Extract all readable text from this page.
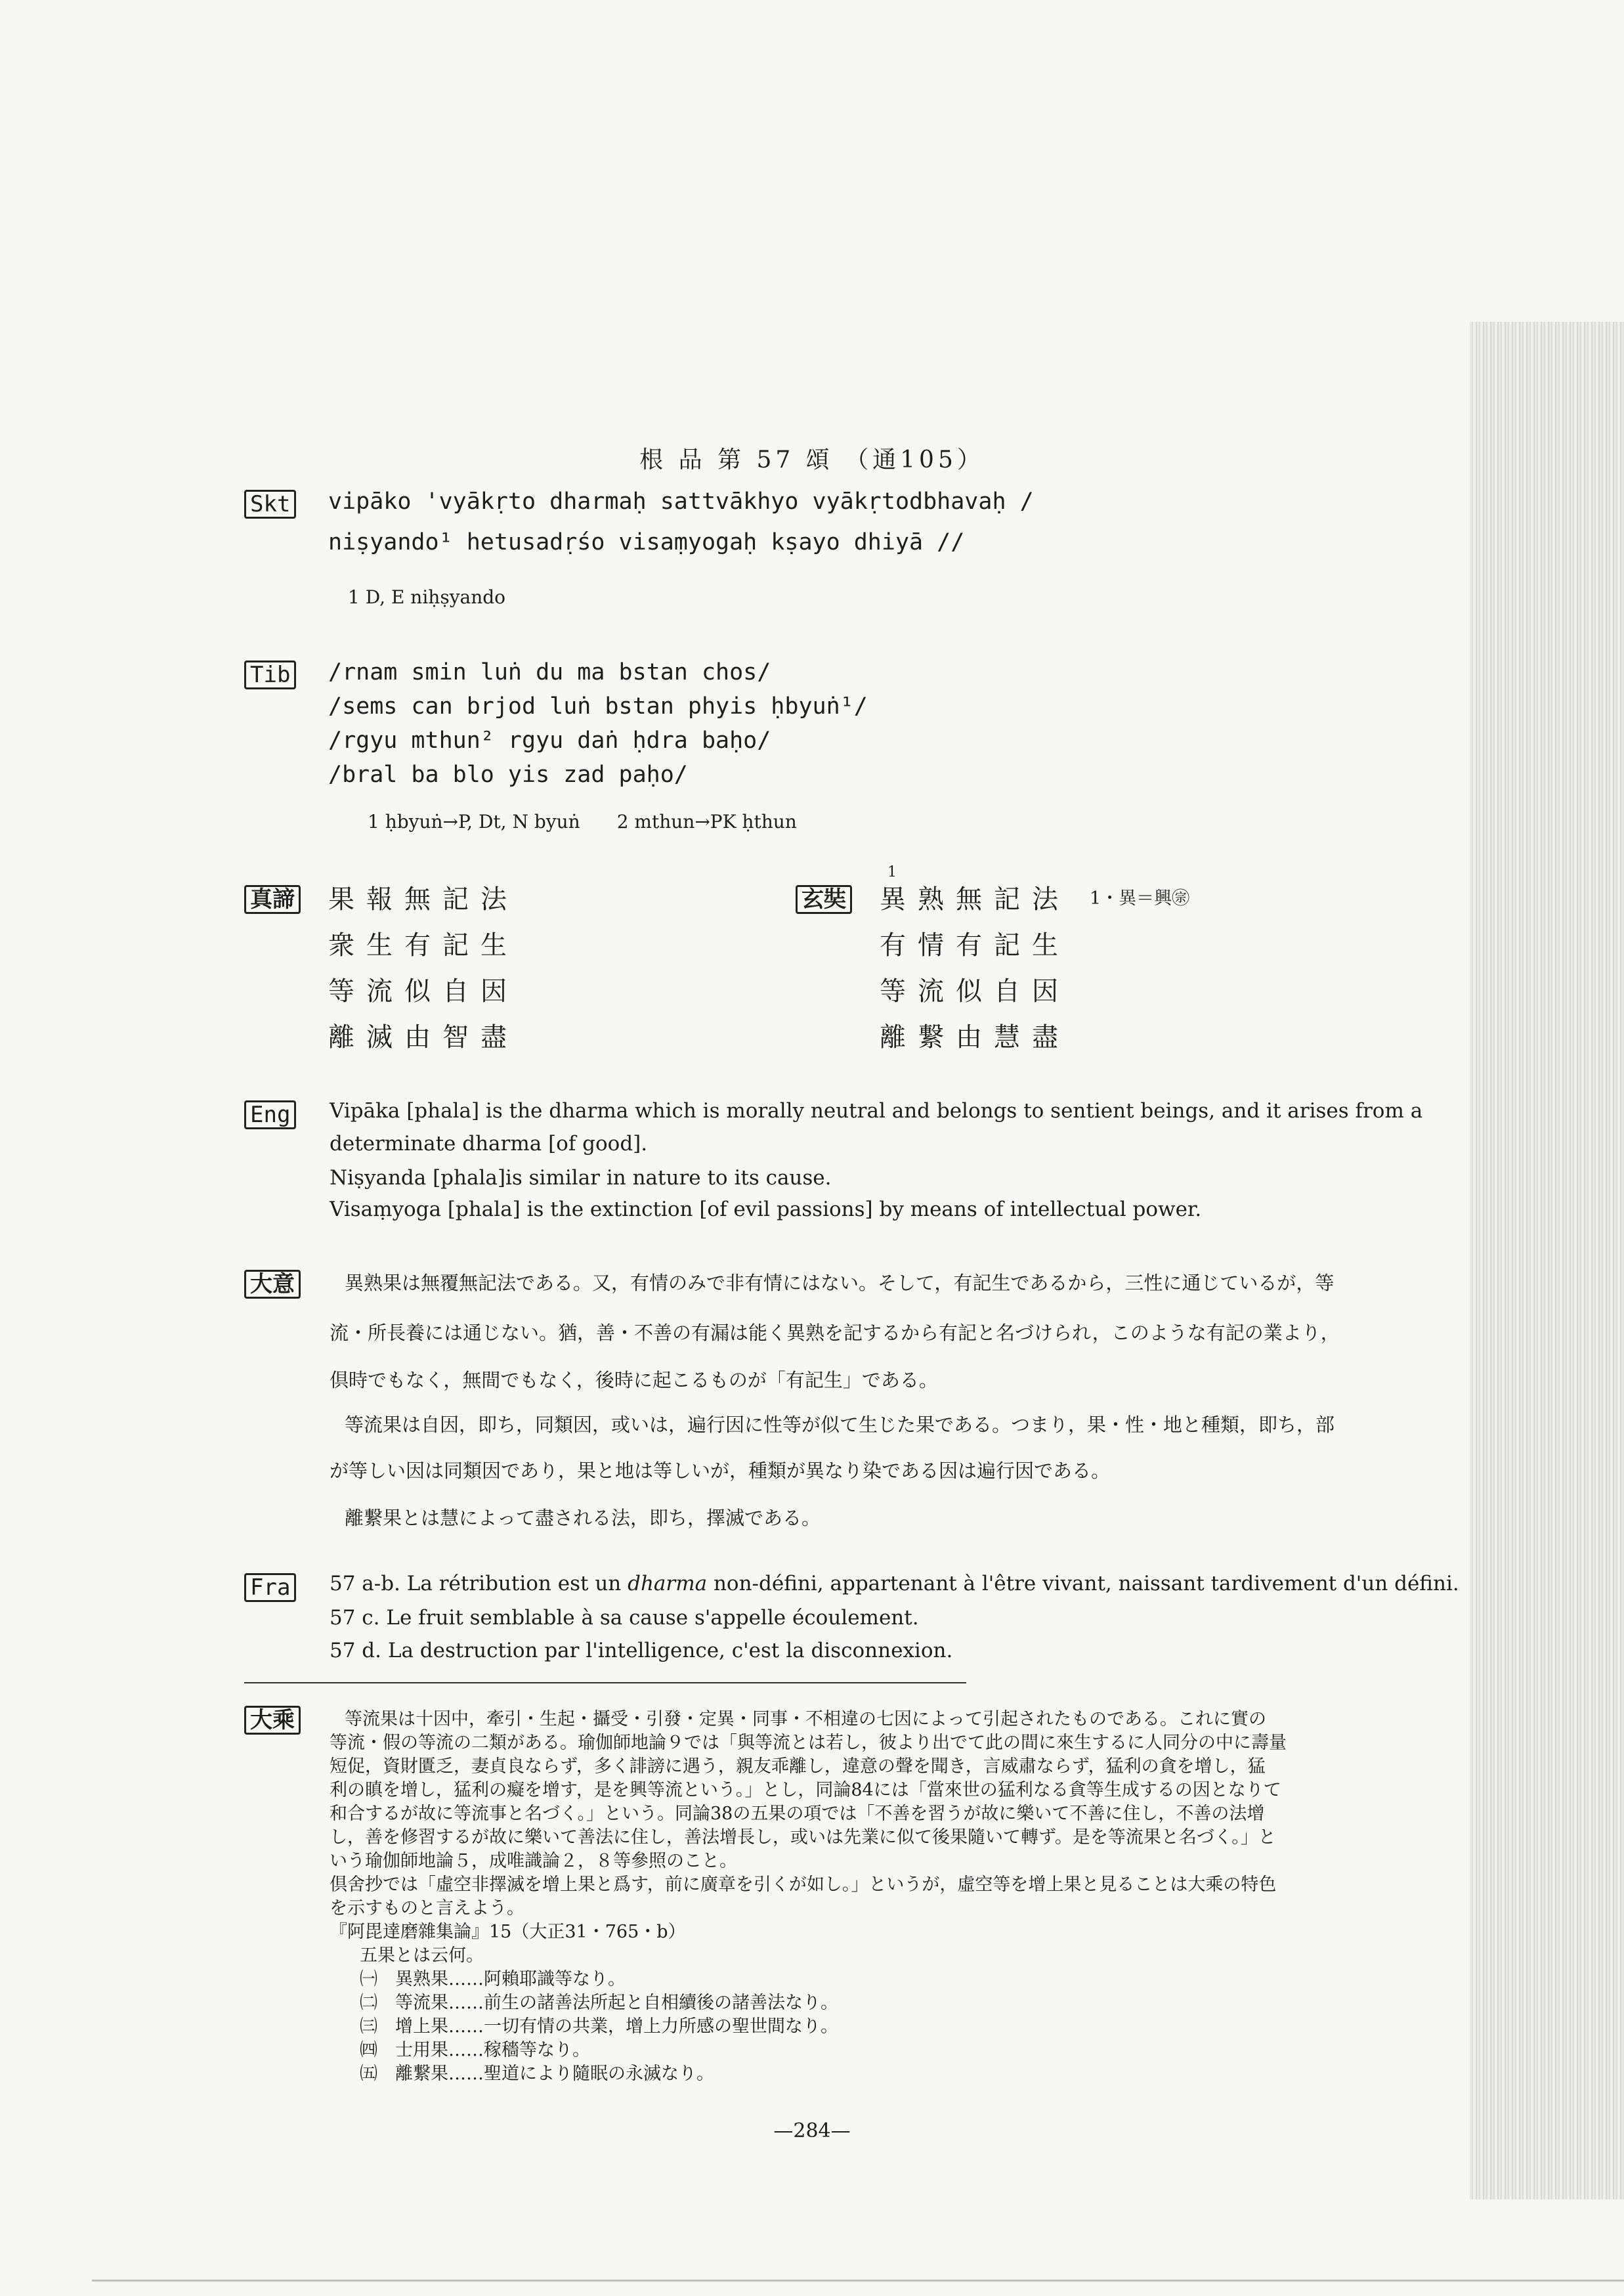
根 品 第 57 頌 （通105）
Skt vipāko 'vyākṛto dharmaḥ sattvākhyo vyākṛtodbhavaḥ /
niṣyando¹ hetusadṛśo visaṃyogaḥ kṣayo dhiyā //
1 D, E niḥṣyando
Tib /rnam smin luṅ du ma bstan chos/
/sems can brjod luṅ bstan phyis ḥbyuṅ¹/
/rgyu mthun² rgyu daṅ ḥdra baḥo/
/bral ba blo yis zad paḥo/
1 ḥbyuṅ→P, Dt, N byuṅ　　2 mthun→PK ḥthun
真諦 果報無記法
衆生有記生
等流似自因
離滅由智盡
玄奘
1
異熟無記法
有情有記生
等流似自因
離繋由慧盡
1・異＝興㊪
Eng Vipāka [phala] is the dharma which is morally neutral and belongs to sentient beings, and it arises from a
determinate dharma [of good].
Niṣyanda [phala]is similar in nature to its cause.
Visaṃyoga [phala] is the extinction [of evil passions] by means of intellectual power.
大意	異熟果は無覆無記法である。又，有情のみで非有情にはない。そして，有記生であるから，三性に通じているが，等
流・所長養には通じない。猶，善・不善の有漏は能く異熟を記するから有記と名づけられ，このような有記の業より，
倶時でもなく，無間でもなく，後時に起こるものが「有記生」である。
等流果は自因，即ち，同類因，或いは，遍行因に性等が似て生じた果である。つまり，果・性・地と種類，即ち，部
が等しい因は同類因であり，果と地は等しいが，種類が異なり染である因は遍行因である。
離繋果とは慧によって盡される法，即ち，擇滅である。
Fra 57 a-b. La rétribution est un dharma non-défini, appartenant à l'être vivant, naissant tardivement d'un défini.
57 c. Le fruit semblable à sa cause s'appelle écoulement.
57 d. La destruction par l'intelligence, c'est la disconnexion.
大乘	等流果は十因中，牽引・生起・攝受・引發・定異・同事・不相違の七因によって引起されたものである。これに實の
等流・假の等流の二類がある。瑜伽師地論９では「與等流とは若し，彼より出でて此の間に來生するに人同分の中に壽量
短促，資財匱乏，妻貞良ならず，多く誹謗に遇う，親友乖離し，違意の聲を聞き，言威肅ならず，猛利の貪を增し，猛
利の瞋を增し，猛利の癡を增す，是を興等流という。」とし，同論84には「當來世の猛利なる貪等生成するの因となりて
和合するが故に等流事と名づく。」という。同論38の五果の項では「不善を習うが故に樂いて不善に住し，不善の法增
し，善を修習するが故に樂いて善法に住し，善法增長し，或いは先業に似て後果隨いて轉ず。是を等流果と名づく。」と
いう瑜伽師地論５，成唯識論２，８等參照のこと。
倶舍抄では「虛空非擇滅を增上果と爲す，前に廣章を引くが如し。」というが，虛空等を增上果と見ることは大乘の特色
を示すものと言えよう。
『阿毘達磨雜集論』15（大正31・765・b）
五果とは云何。
㈠　異熟果……阿賴耶識等なり。
㈡　等流果……前生の諸善法所起と自相續後の諸善法なり。
㈢　增上果……一切有情の共業，增上力所感の聖世間なり。
㈣　士用果……稼穡等なり。
㈤　離繋果……聖道により隨眠の永滅なり。
—284—
